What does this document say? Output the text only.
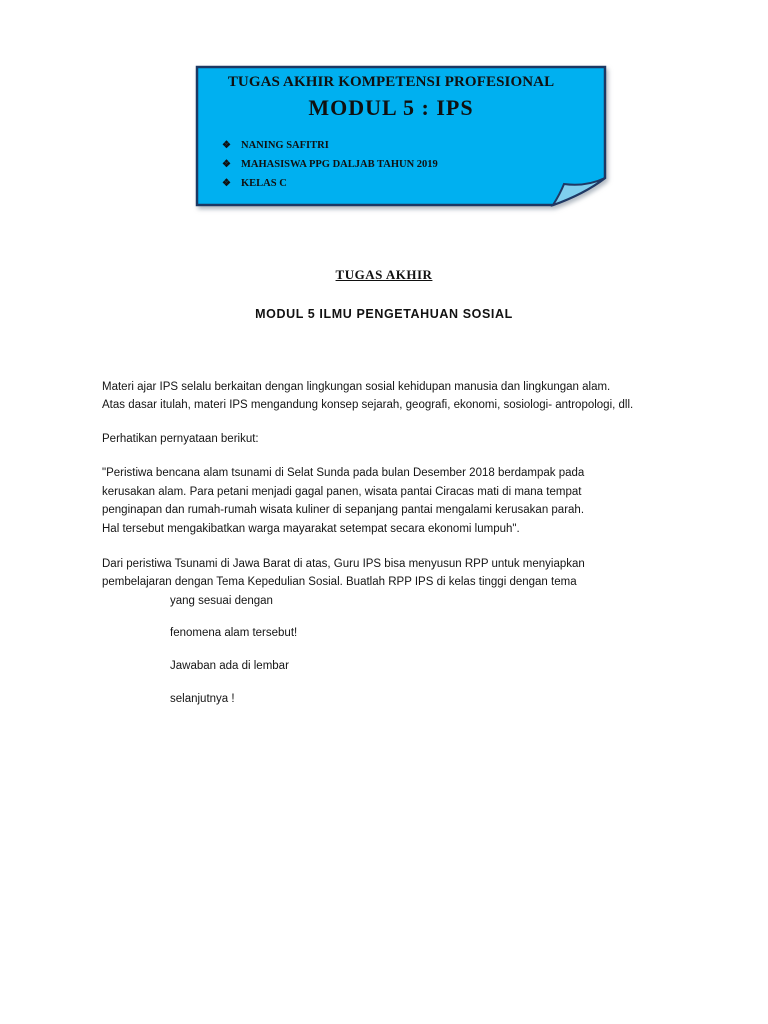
TUGAS AKHIR KOMPETENSI PROFESIONAL
MODUL 5 : IPS
❖ NANING SAFITRI
❖ MAHASISWA PPG DALJAB TAHUN 2019
❖ KELAS C
TUGAS AKHIR
MODUL 5 ILMU PENGETAHUAN SOSIAL
Materi ajar IPS selalu berkaitan dengan lingkungan sosial kehidupan manusia dan lingkungan alam.
Atas dasar itulah, materi IPS mengandung konsep sejarah, geografi, ekonomi, sosiologi- antropologi, dll.
Perhatikan pernyataan berikut:
"Peristiwa bencana alam tsunami di Selat Sunda pada bulan Desember 2018 berdampak pada
kerusakan alam. Para petani menjadi gagal panen, wisata pantai Ciracas mati di mana tempat
penginapan dan rumah-rumah wisata kuliner di sepanjang pantai mengalami kerusakan parah.
Hal tersebut mengakibatkan warga mayarakat setempat secara ekonomi lumpuh".
Dari peristiwa Tsunami di Jawa Barat di atas, Guru IPS bisa menyusun RPP untuk menyiapkan
pembelajaran dengan Tema Kepedulian Sosial. Buatlah RPP IPS di kelas tinggi dengan tema
yang sesuai dengan
fenomena alam tersebut!
Jawaban ada di lembar
selanjutnya !
